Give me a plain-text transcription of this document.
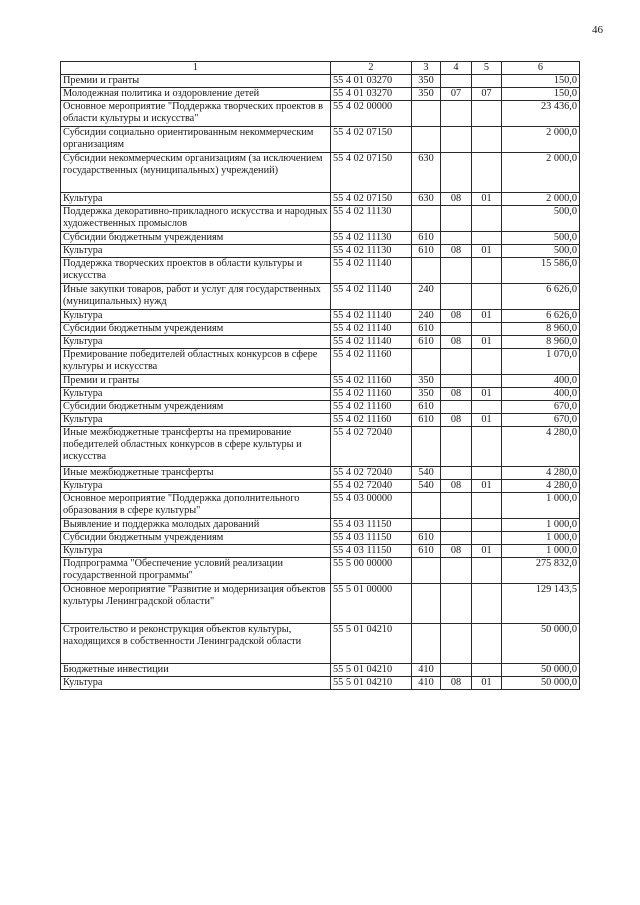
46
1	2	3	4	5	6
Премии и гранты	55 4 01 03270	350			150,0
Молодежная политика и оздоровление детей	55 4 01 03270	350	07	07	150,0
Основное мероприятие "Поддержка творческих проектов в области культуры и искусства"	55 4 02 00000				23 436,0
Субсидии социально ориентированным некоммерческим организациям	55 4 02 07150				2 000,0
Субсидии некоммерческим организациям (за исключением государственных (муниципальных) учреждений)	55 4 02 07150	630			2 000,0
Культура	55 4 02 07150	630	08	01	2 000,0
Поддержка декоративно-прикладного искусства и народных художественных промыслов	55 4 02 11130				500,0
Субсидии бюджетным учреждениям	55 4 02 11130	610			500,0
Культура	55 4 02 11130	610	08	01	500,0
Поддержка творческих проектов в области культуры и искусства	55 4 02 11140				15 586,0
Иные закупки товаров, работ и услуг для государственных (муниципальных) нужд	55 4 02 11140	240			6 626,0
Культура	55 4 02 11140	240	08	01	6 626,0
Субсидии бюджетным учреждениям	55 4 02 11140	610			8 960,0
Культура	55 4 02 11140	610	08	01	8 960,0
Премирование победителей областных конкурсов в сфере культуры и искусства	55 4 02 11160				1 070,0
Премии и гранты	55 4 02 11160	350			400,0
Культура	55 4 02 11160	350	08	01	400,0
Субсидии бюджетным учреждениям	55 4 02 11160	610			670,0
Культура	55 4 02 11160	610	08	01	670,0
Иные межбюджетные трансферты на премирование победителей областных конкурсов в сфере культуры и искусства	55 4 02 72040				4 280,0
Иные межбюджетные трансферты	55 4 02 72040	540			4 280,0
Культура	55 4 02 72040	540	08	01	4 280,0
Основное мероприятие "Поддержка дополнительного образования в сфере культуры"	55 4 03 00000				1 000,0
Выявление и поддержка молодых дарований	55 4 03 11150				1 000,0
Субсидии бюджетным учреждениям	55 4 03 11150	610			1 000,0
Культура	55 4 03 11150	610	08	01	1 000,0
Подпрограмма "Обеспечение условий реализации государственной программы"	55 5 00 00000				275 832,0
Основное мероприятие "Развитие и модернизация объектов культуры Ленинградской области"	55 5 01 00000				129 143,5
Строительство и реконструкция объектов культуры, находящихся в собственности Ленинградской области	55 5 01 04210				50 000,0
Бюджетные инвестиции	55 5 01 04210	410			50 000,0
Культура	55 5 01 04210	410	08	01	50 000,0
